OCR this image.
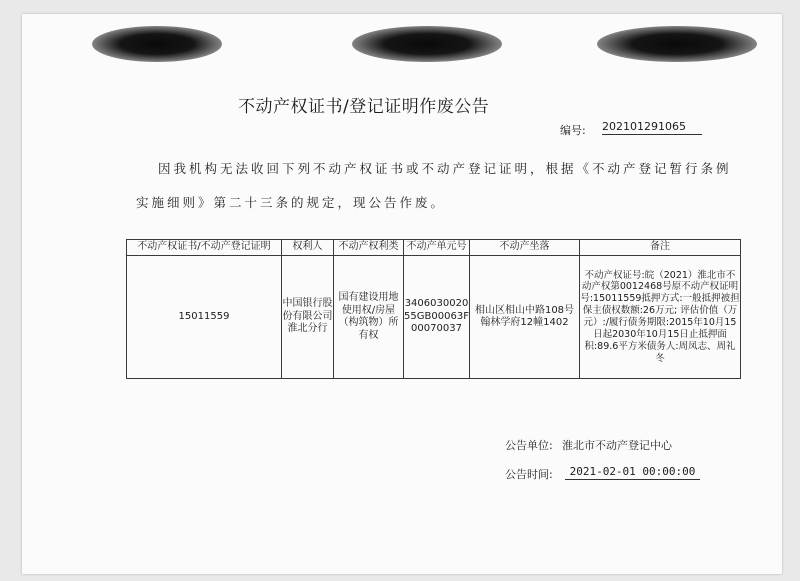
不动产权证书/登记证明作废公告
编号: 202101291065
因我机构无法收回下列不动产权证书或不动产登记证明，根据《不动产登记暂行条例
实施细则》第二十三条的规定，现公告作废。
不动产权证书/不动产登记证明	权利人	不动产权利类	不动产单元号	不动产坐落	备注
15011559	中国银行股份有限公司淮北分行	国有建设用地使用权/房屋（构筑物）所有权	340603002055GB00063F00070037	相山区相山中路108号翰林学府12幢1402	不动产权证号:皖（2021）淮北市不动产权第0012468号原不动产权证明号:15011559抵押方式:一般抵押被担保主债权数额:26万元; 评估价值（万元）:/履行债务期限:2015年10月15日起2030年10月15日止抵押面积:89.6平方米债务人:周凤志、周礼冬
公告单位: 淮北市不动产登记中心
公告时间:	2021-02-01 00:00:00
